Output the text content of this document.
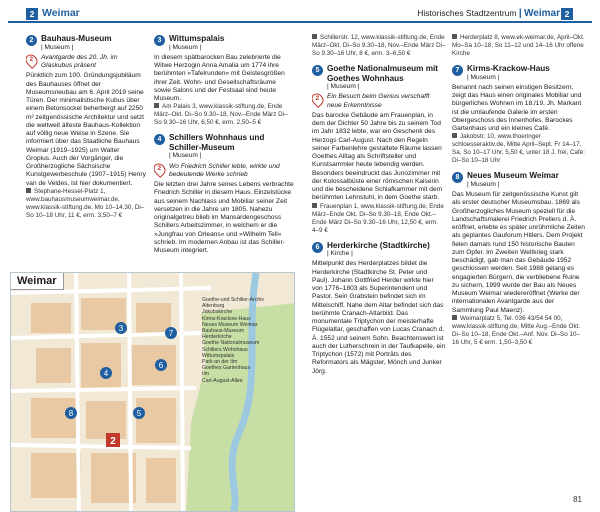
2 Weimar	Historisches Stadtzentrum | Weimar 2
2 Bauhaus-Museum
| Museum |
2	Avantgarde des 20. Jh. im Glaskubus präsent

Pünktlich zum 100. Gründungsjubiläum des Bauhauses öffnet der Museumsneubau am 6. April 2019 seine Türen. Der minimalistische Kubus über einem Betonsockel beherbergt auf 2250 m² zeitgenössische Architektur und setzt die weltweit älteste Bauhaus-Kollektion auf völlig neue Weise in Szene. Sie informiert über das Staatliche Bauhaus Weimar (1919–1925) um Walter Gropius. Auch der Vorgänger, die Großherzogliche Sächsische Kunstgewerbeschule (1907–1915) Henry van de Veldes, ist hier dokumentiert.

Stephane-Hessel-Platz 1, www.bauhausmuseumweimar.de, www.klassik-stiftung.de, Mo 10–14.30, Di–So 10–18 Uhr, 11 €, erm. 3,50–7 €

3 Wittumspalais
| Museum |

In diesem spätbarocken Bau zelebrierte die Witwe Herzogin Anna Amalia um 1774 ihre berühmten »Tafelrunden« mit Geistesgrößen ihrer Zeit. Wohn- und Gesellschaftsräume sowie Salons und der Festsaal sind heute Museum.

Am Palais 3, www.klassik-stiftung.de, Ende März–Okt. Di–So 9.30–18, Nov.–Ende März Di–So 9.30–16 Uhr, 6,50 €, erm. 2,50–5 €

4 Schillers Wohnhaus und Schiller-Museum
| Museum |
2	Wo Friedrich Schiller lebte, wirkte und bedeutende Werke schrieb

Die letzten drei Jahre seines Lebens verbrachte Friedrich Schiller in diesem Haus. Einzelstücke aus seinem Nachlass und Mobiliar seiner Zeit versetzen in die Jahre um 1805. Nahezu originalgetreu blieb im Mansardengeschoss Schillers Arbeitszimmer, in welchem er die »Jungfrau von Orleans« und »Wilhelm Tell« schrieb. Im modernen Anbau ist das Schiller-Museum integriert.

Schillerstr. 12, www.klassik-stiftung.de, Ende März–Okt. Di–So 9.30–18, Nov.–Ende März Di–So 9.30–16 Uhr, 8 €, erm. 3–6,50 €

5 Goethe Nationalmuseum mit Goethes Wohnhaus
| Museum |
2	Ein Besuch beim Genius verschafft neue Erkenntnisse

Das barocke Gebäude am Frauenplan, in dem der Dichter 50 Jahre bis zu seinem Tod im Jahr 1832 lebte, war ein Geschenk des Herzogs Carl-August. Nach den Regeln seiner Farbenlehre gestaltete Räume lassen Goethes Alltag als Schriftsteller und Kunstsammler heute lebendig werden. Besonders beeindruckt das Junozimmer mit der Kolossalbüste einer römischen Kaiserin und die bescheidene Schlafkammer mit dem berühmten Lehnstuhl, in dem Goethe starb.

Frauenplan 1, www.klassik-stiftung.de, Ende März–Ende Okt. Di–So 9.30–18, Ende Okt.–Ende März Di–So 9.30–16 Uhr, 12,50 €, erm. 4–9 €

6 Herderkirche (Stadtkirche)
| Kirche |

Mittelpunkt des Herderplatzes bildet die Herderkirche (Stadtkirche St. Peter und Paul). Johann Gottfried Herder wirkte hier von 1776–1803 als Superintendent und Pastor. Sein Grabstein befindet sich im Mittelschiff. Nahe dem Altar befindet sich das berühmte Cranach-Altarbild. Das monumentale Triptychon der meisterhafte Flügelaltar, geschaffen von Lucas Cranach d. Ä. 1552 und seinem Sohn. Beachtenswert ist auch der Lutherschrein in der Taufkapelle, ein Triptychon (1572) mit Porträts des Reformators als Mägster, Mönch und Junker Jörg.

Herderplatz 8, www.ek-weimar.de, April–Okt. Mo–Sa 10–18, So 11–12 und 14–16 Uhr offene Kirche

7 Kirms-Krackow-Haus
| Museum |

Benannt nach seinen einstigen Besitzern, zeigt das Haus einen originales Mobiliar und bürgerliches Wohnen im 18./19. Jh. Markant ist die umlaufende Galerie im ersten Obergeschoss des Innenhofes. Barockes Gartenhaus und ein kleines Café.

Jakobstr. 10, www.thoeringer schloesseraktiv.de, Mitte April–Sept. Fr 14–17, Sa, So 10–17 Uhr, 5,50 €, unter 18 J. frei, Café: Di–So 10–18 Uhr

8 Neues Museum Weimar
| Museum |

Das Museum für zeitgenössische Kunst gilt als erster deutscher Museumsbau. 1869 als Großherzogliches Museum speziell für die Landschaftsmalerei Friedrich Prellers d. Ä. eröffnet, erlebte es später unrühmliche Zeiten als geplantes Gauforum Hitlers. Dem Projekt fielen damals rund 150 historische Bauten zum Opfer. Im Zweiten Weltkrieg stark beschädigt, gab man das Gebäude 1952 geschlossen werden. Seit 1988 gelang es engagierten Bürgern, die verbliebene Ruine zu sichern, 1999 wurde der Bau als Neues Museum Weimar wiedereröffnet (Werke der internationalen Avantgarde aus der Sammlung Paul Maenz).

Weimarplatz 5, Tel. 036 43/54 54 00, www.klassik-stiftung.de, Mitte Aug.–Ende Okt. Di–So 10–18, Ende Okt.–Anf. Nov. Di–So 10–16 Uhr, 5 € erm. 1,50–3,50 €

2
6
5
4
3
7
8
Weimar
Goethe-und Schiller-Archiv
Altenburg
Jakobskirche
Kirms-Krackow-Haus
Neues Museum Weimar
Bauhaus-Museum
Herderkirche
Goethe Nationalmuseum
Schillers Wohnhaus
Wittumspalais
Park an der Ilm
Goethes Gartenhaus
Ilm
Carl-August-Allee
81
